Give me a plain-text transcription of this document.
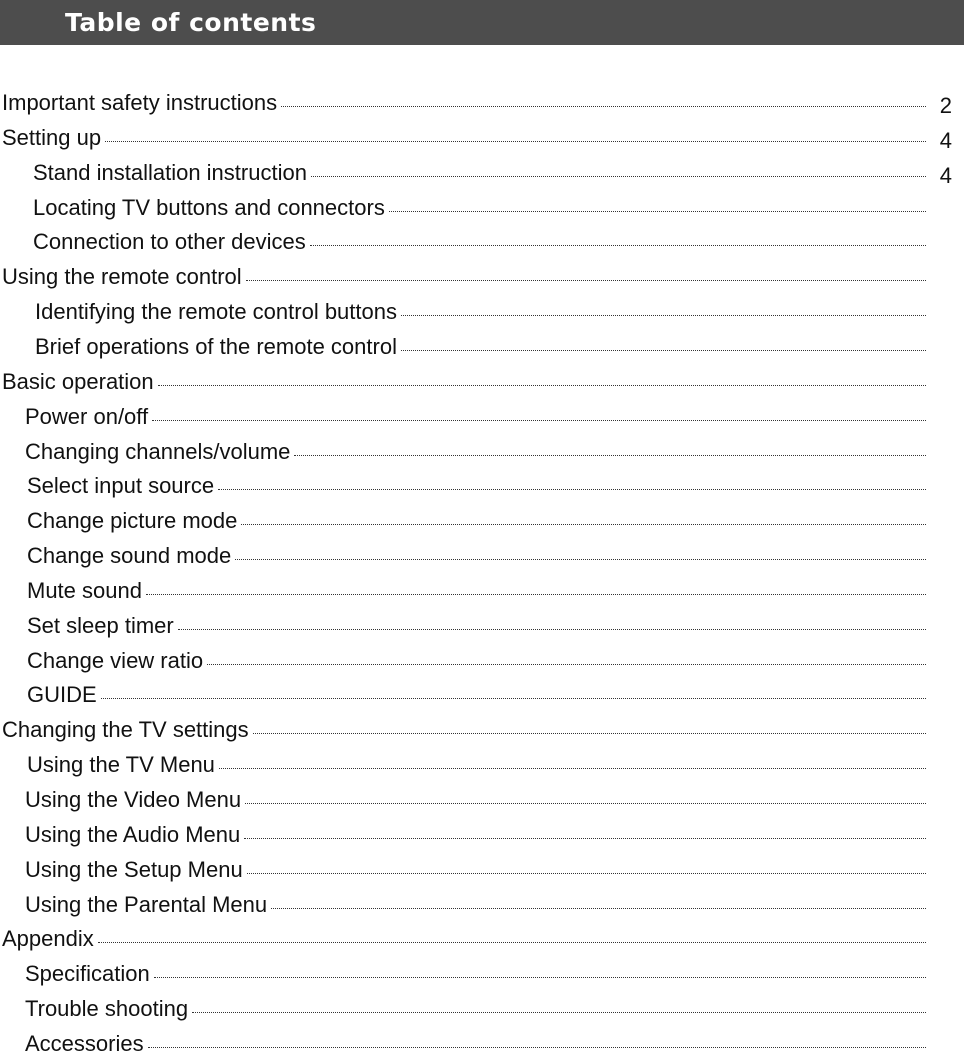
Table of contents
Important safety instructions	2
Setting up	4
Stand installation instruction	4
Locating TV buttons and connectors
Connection to other devices
Using the remote control
Identifying the remote control buttons
Brief operations of the remote control
Basic operation
Power on/off
Changing channels/volume
Select input source
Change picture mode
Change sound mode
Mute sound
Set sleep timer
Change view ratio
GUIDE
Changing the TV settings
Using the TV Menu
Using the Video Menu
Using the Audio Menu
Using the Setup Menu
Using the Parental Menu
Appendix
Specification
Trouble shooting
Accessories
